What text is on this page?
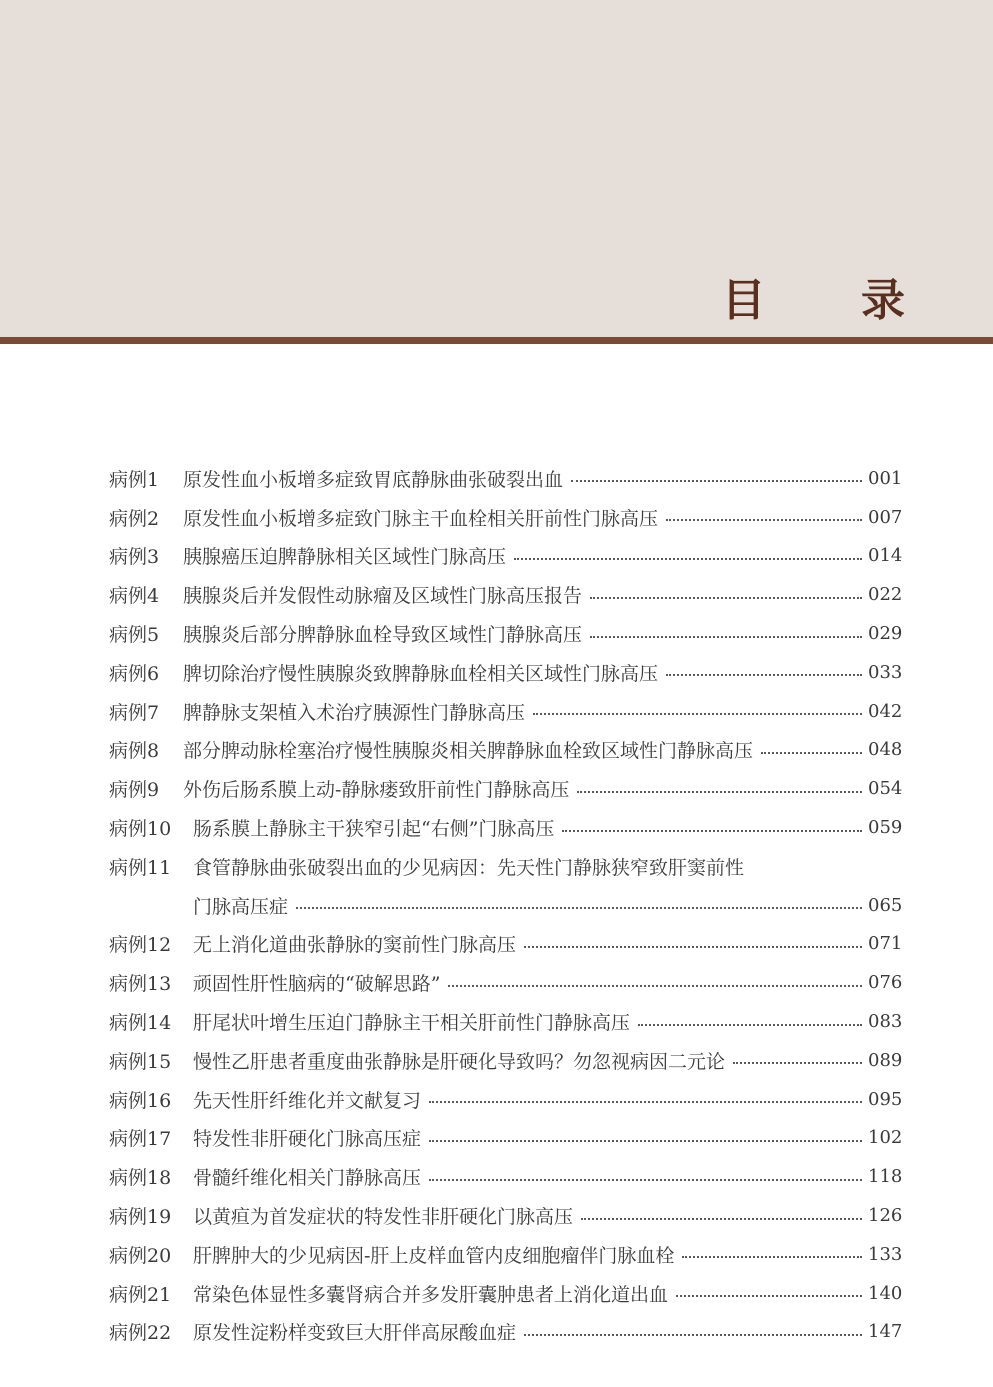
目 录
病例1	原发性血小板增多症致胃底静脉曲张破裂出血	001
病例2	原发性血小板增多症致门脉主干血栓相关肝前性门脉高压	007
病例3	胰腺癌压迫脾静脉相关区域性门脉高压	014
病例4	胰腺炎后并发假性动脉瘤及区域性门脉高压报告	022
病例5	胰腺炎后部分脾静脉血栓导致区域性门静脉高压	029
病例6	脾切除治疗慢性胰腺炎致脾静脉血栓相关区域性门脉高压	033
病例7	脾静脉支架植入术治疗胰源性门静脉高压	042
病例8	部分脾动脉栓塞治疗慢性胰腺炎相关脾静脉血栓致区域性门静脉高压	048
病例9	外伤后肠系膜上动-静脉瘘致肝前性门静脉高压	054
病例10	肠系膜上静脉主干狭窄引起“右侧”门脉高压	059
病例11	食管静脉曲张破裂出血的少见病因：先天性门静脉狭窄致肝窦前性
门脉高压症	065
病例12	无上消化道曲张静脉的窦前性门脉高压	071
病例13	顽固性肝性脑病的“破解思路”	076
病例14	肝尾状叶增生压迫门静脉主干相关肝前性门静脉高压	083
病例15	慢性乙肝患者重度曲张静脉是肝硬化导致吗？勿忽视病因二元论	089
病例16	先天性肝纤维化并文献复习	095
病例17	特发性非肝硬化门脉高压症	102
病例18	骨髓纤维化相关门静脉高压	118
病例19	以黄疸为首发症状的特发性非肝硬化门脉高压	126
病例20	肝脾肿大的少见病因-肝上皮样血管内皮细胞瘤伴门脉血栓	133
病例21	常染色体显性多囊肾病合并多发肝囊肿患者上消化道出血	140
病例22	原发性淀粉样变致巨大肝伴高尿酸血症	147
